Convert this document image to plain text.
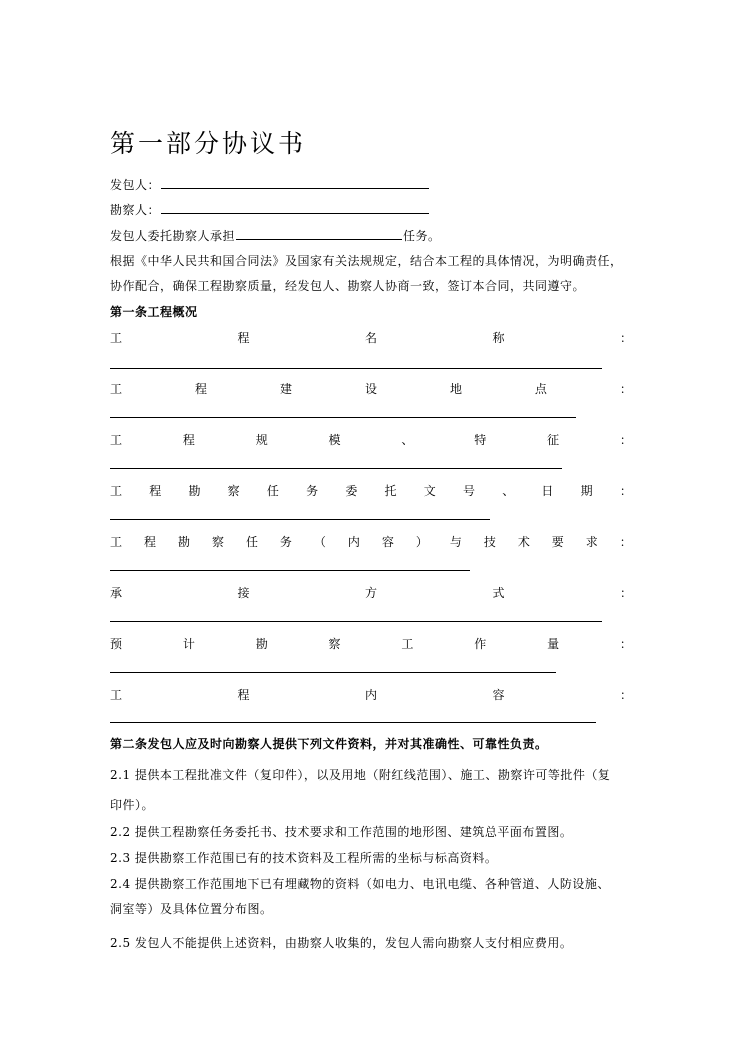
第一部分协议书
发包人：
勘察人：
发包人委托勘察人承担	任务。
根据《中华人民共和国合同法》及国家有关法规规定，结合本工程的具体情况，为明确责任，
协作配合，确保工程勘察质量，经发包人、勘察人协商一致，签订本合同，共同遵守。
第一条工程概况
工	程	名	称	：
工	程	建	设	地	点	：
工	程	规	模	、	特	征	：
工 程 勘 察 任 务 委 托 文 号 、 日 期 ：
工 程 勘 察 任 务 （ 内 容 ） 与 技 术 要 求 ：
承	接	方	式	：
预	计	勘	察	工	作	量	：
工	程	内	容	：
第二条发包人应及时向勘察人提供下列文件资料，并对其准确性、可靠性负责。
2.1 提供本工程批准文件（复印件），以及用地（附红线范围）、施工、勘察许可等批件（复
印件）。
2.2 提供工程勘察任务委托书、技术要求和工作范围的地形图、建筑总平面布置图。
2.3 提供勘察工作范围已有的技术资料及工程所需的坐标与标高资料。
2.4 提供勘察工作范围地下已有埋藏物的资料（如电力、电讯电缆、各种管道、人防设施、
洞室等）及具体位置分布图。
2.5 发包人不能提供上述资料，由勘察人收集的，发包人需向勘察人支付相应费用。
